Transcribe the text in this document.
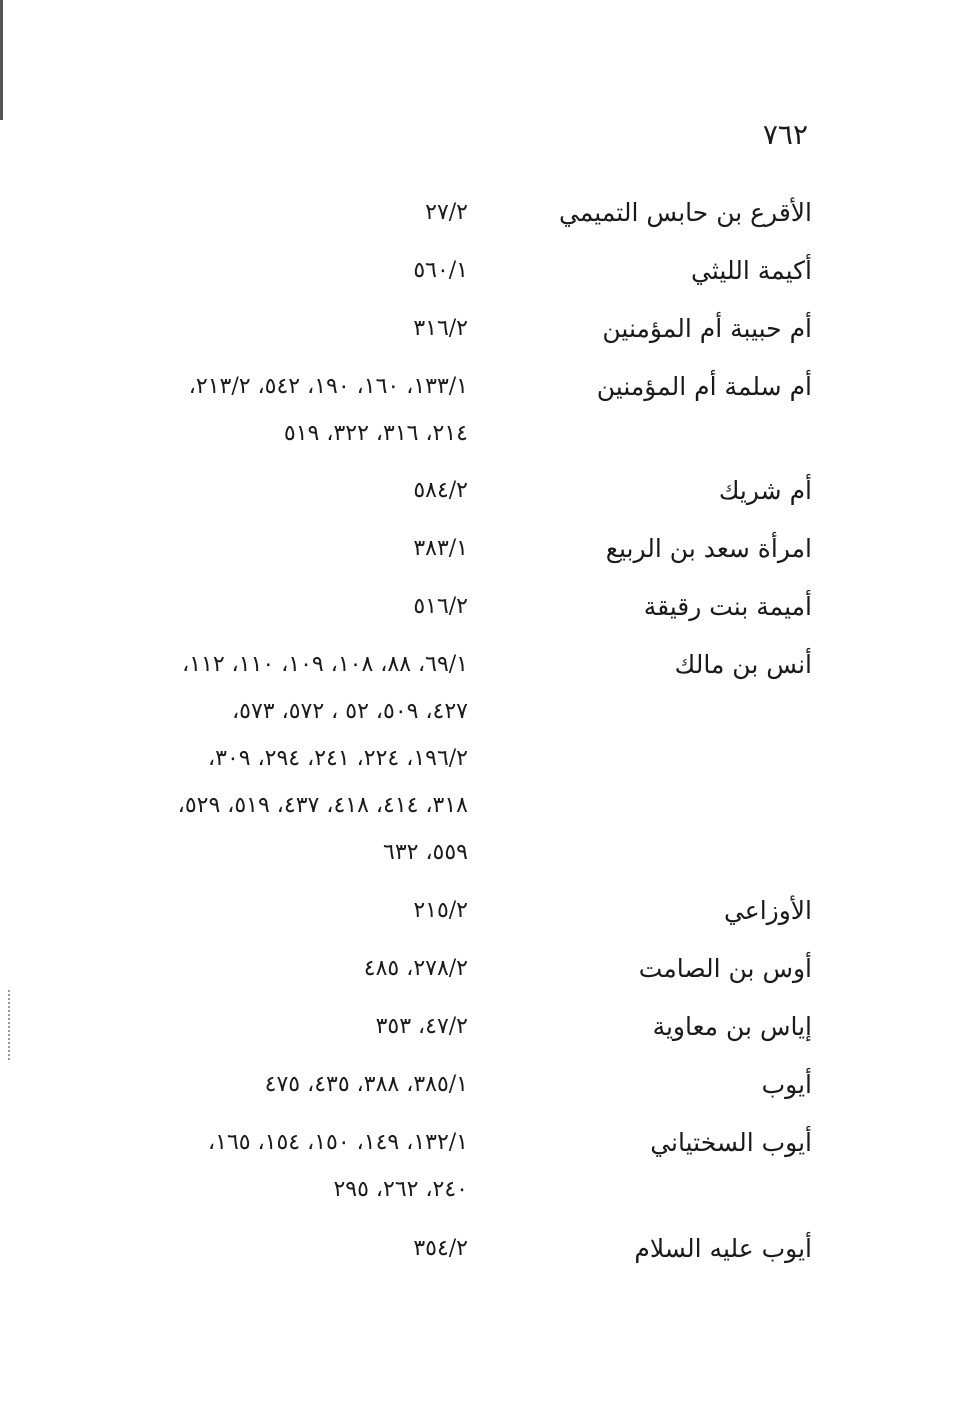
٧٦٢
الأقرع بن حابس التميمي
٢٧/٢
أكيمة الليثي
٥٦٠/١
أم حبيبة أم المؤمنين
٣١٦/٢
أم سلمة أم المؤمنين
١٣٣/١، ١٦٠، ١٩٠، ٥٤٢، ٢١٣/٢،
٢١٤، ٣١٦، ٣٢٢، ٥١٩
أم شريك
٥٨٤/٢
امرأة سعد بن الربيع
٣٨٣/١
أميمة بنت رقيقة
٥١٦/٢
أنس بن مالك
٦٩/١، ٨٨، ١٠٨، ١٠٩، ١١٠، ١١٢،
٤٢٧، ٥٠٩، ٥٢ ، ٥٧٢، ٥٧٣،
١٩٦/٢، ٢٢٤، ٢٤١، ٢٩٤، ٣٠٩،
٣١٨، ٤١٤، ٤١٨، ٤٣٧، ٥١٩، ٥٢٩،
٥٥٩، ٦٣٢
الأوزاعي
٢١٥/٢
أوس بن الصامت
٢٧٨/٢، ٤٨٥
إياس بن معاوية
٤٧/٢، ٣٥٣
أيوب
٣٨٥/١، ٣٨٨، ٤٣٥، ٤٧٥
أيوب السختياني
١٣٢/١، ١٤٩، ١٥٠، ١٥٤، ١٦٥،
٢٤٠، ٢٦٢، ٢٩٥
أيوب عليه السلام
٣٥٤/٢
